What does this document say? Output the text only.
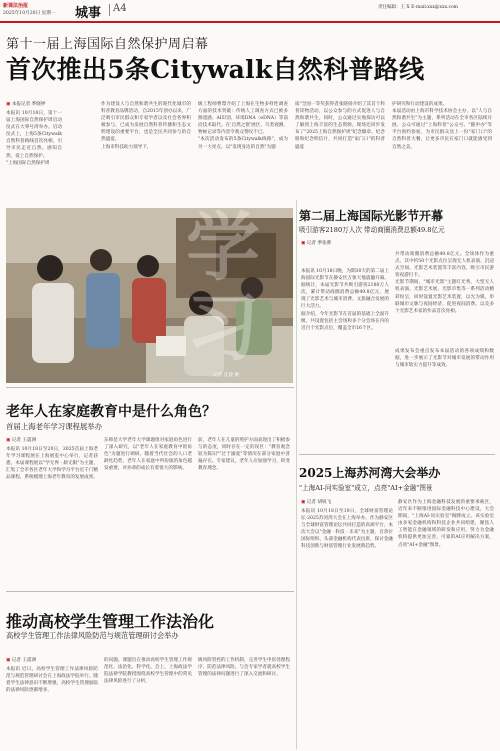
新课法治报
2025年10月20日 星期一 城事 A4	责任编辑：王 X E-mail:xxx@xxx.com
第十一届上海国际自然保护周启幕
首次推出5条Citywalk自然科普路线
▣ 本报记者 季晓婷
本报讯 10月18日，第十一届上海国际自然保护周启动仪式在大零号湾举办。启动仪式上，上海5条Citywalk自然科普路线首次亮相，引导市民走近自然、感知自然，爱上自然保护。
"上海国际自然保护周
作为建设人与自然和谐共生的现代化城市的科普教育品牌活动，自2015年创办以来，广泛吸引市民群众和专家学者以及社会各界积极参与，已成为发展自然科普传播和生态文明建设的重要平台，也是全民共同参与的自然盛宴。
上海市科技助力领导下，
级工程师曹璟介绍了上海在生物多样性调查方面的技术突破：传统人工调查方式已被多源遥感、AI识别、环境DNA（eDNA）等前沿技术取代。在'自然之窗'展区，鸟类观测、物候记录等内容令观众赞叹不已。
"本次活动发布的5条Citywalk线路"，成为另一大亮点。以"发现身边的自然"为题
质"全国一等奖获得者张晓扬介绍了其首个科普读物活动，以公众参与的方式促进人与自然和谐共生。同时，公众通过实地探访可以了解到上海丰富的生态资源。现场还同步发布了"2025上海自然保护周"纪念徽章、纪念册和纪念明信片，共同打造"家门口"的科普盛宴
护研究和行动建设的成果。
本届活动由上海市科学技术协会主办，以"人与自然和谐共生"为主题，系列活动在全市各区陆续开展。公众可通过"上海科普"公众号、"随申办"等平台预约参加，为市民群众送上一份"家门口"的自然科普大餐，让更多市民在家门口就能感受到自然之美。
学习
记者 沈捷 摄
第二届上海国际光影节开幕
吸引游客2180万人次 带动商圈消费总额49.8亿元
▣ 记者 季张骅
本报讯 10月18日晚，为期30天的第二届上海国际光影节在静安区万象天地震撼开幕。据统计，本届光影节共吸引游客2180万人次，累计带动商圈消费总额49.8亿元，展现了光影艺术与城市消费、文旅融合发展的巨大活力。
据介绍，今年光影节在首届的基础上全面升级，共设置包括主会场和多个分会场在内的近百个光影点位，覆盖全市16个区。
共带动商圈消费总额49.8亿元。全场体作为重点，其中约50个光影点位呈现无人机表演、沉浸式空间、光影艺术装置等丰富内容，吸引市民游客夜游打卡。
光影节期间，"城市光影"主题灯光秀、大型无人机表演、光影艺术展、光影市集等一系列活动精彩纷呈，同时设置光影艺术装置，以光为媒，串联城市文脉与夜间经济，促进夜间消费。以及多个光影艺术家的作品首次亮相。
成果发布会重点发布本届活动的各项成绩和数据，进一步展示了光影节对城市发展的带动作用与城市软实力提升等成效。
老年人在家庭教育中是什么角色？
首届上海老年学习课程展举办
▣ 记者 王震洲
本报讯 10月18日至20日，2025首届上海老年学习课程展在上海展览中心举行，记者获悉，本届课程展以"学无界 · 龄无限"为主题，汇集了全市各区老年大学和学习平台近千门精品课程，系统梳理上海老年教育的发展成果。
东师范大学老年大学课题组对家庭角色进行了深入研究，以"老年人在家庭教育中的角色"为题进行调研。随着当代社会的人口老龄化趋势，老年人在家庭中所扮演的角色越发重要，对孙辈的成长有着很大的影响。
前，老年人在儿童的照护方面表现出了积极参与的态度，同时存在一定的误区："教育观念较为陈旧""过于溺爱"等情况在部分家庭中普遍存在。专家建议，老年人应加强学习，转变教育理念。	2025上海苏河湾大会举办
"上海AI-问实验室"成立，点亮"AI+金融"图景
▣ 记者 胡锐飞
本报讯 10月18日至19日，全球财富管理论坛·2025苏河湾大会在上海举办。作为静安区与全球财富管理论坛共同打造的高端平台，本次大会以"金融 · 科技 · 未来"为主题，百余位国际组织、头部金融机构代表出席，探讨金融科技创新与财富管理行业发展新趋势。
静安区作为上海金融科技发展的重要承载区，近年来不断推进国际金融科技中心建设，大会期间，"上海AI-问实验室"揭牌成立。该实验室由多家金融机构和科技企业共同组建，聚焦人工智能在金融领域的研发和应用，努力为金融机构提供更加完善、可靠的AI应用解决方案，点亮"AI+金融"图景。
推动高校学生管理工作法治化
高校学生管理工作法律风险防范与规范管理研讨会举办
▣ 记者 王震洲
本报讯 近日，高校学生管理工作法律风险防范与规范管理研讨会在上海政法学院举行。随着学生法律意识不断增强，高校学生管理面临的法律风险逐渐增多，
的问题。课题旨在推动高校学生管理工作规范化、法治化、科学化。会上，上海政法学院法律学院教授围绕高校学生管理中的常见法律风险进行了分析，
级风险管控的工作机制，完善学生申诉处理程序，防范法律风险。与会专家学者就高校学生管理的法律问题进行了深入交流和研讨。
